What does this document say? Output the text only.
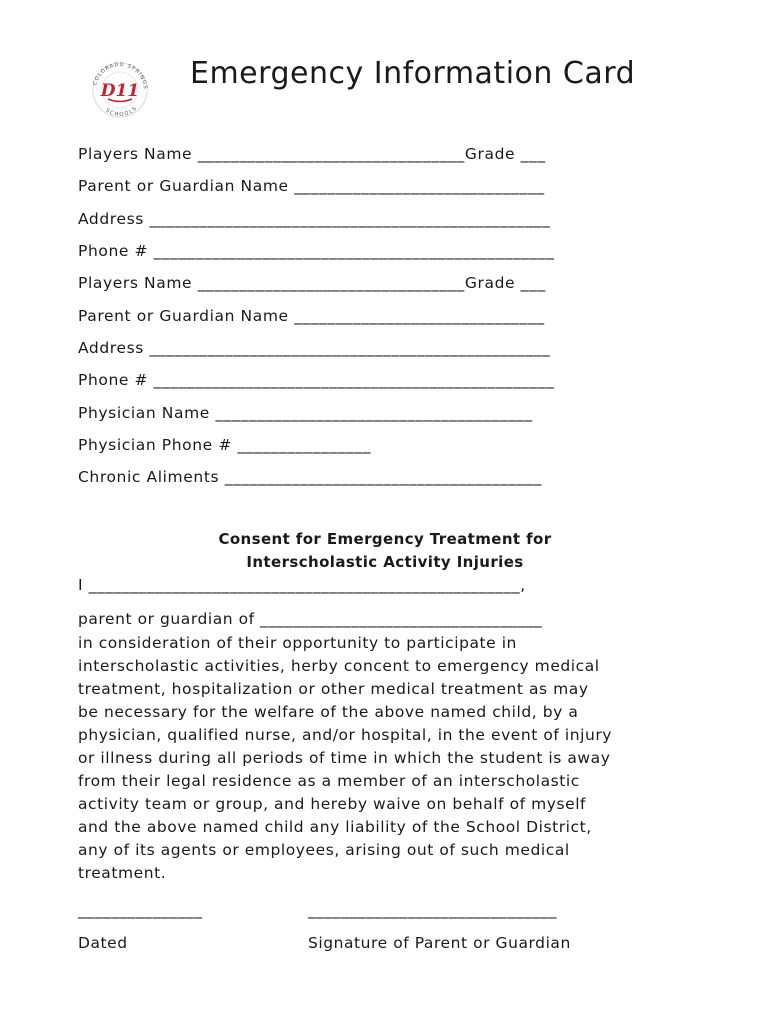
COLORADO SPRINGS
SCHOOLS
D11 Emergency Information Card
Players Name ________________________________Grade ___
Parent or Guardian Name ______________________________
Address ________________________________________________
Phone # ________________________________________________
Players Name ________________________________Grade ___
Parent or Guardian Name ______________________________
Address ________________________________________________
Phone # ________________________________________________
Physician Name ______________________________________
Physician Phone # ________________
Chronic Aliments ______________________________________
Consent for Emergency Treatment for
Interscholastic Activity Injuries
I ____________________________________________________,
parent or guardian of __________________________________
in consideration of their opportunity to participate in
interscholastic activities, herby concent to emergency medical
treatment, hospitalization or other medical treatment as may
be necessary for the welfare of the above named child, by a
physician, qualified nurse, and/or hospital, in the event of injury
or illness during all periods of time in which the student is away
from their legal residence as a member of an interscholastic
activity team or group, and hereby waive on behalf of myself
and the above named child any liability of the School District,
any of its agents or employees, arising out of such medical
treatment.
_______________	______________________________
Dated	Signature of Parent or Guardian
